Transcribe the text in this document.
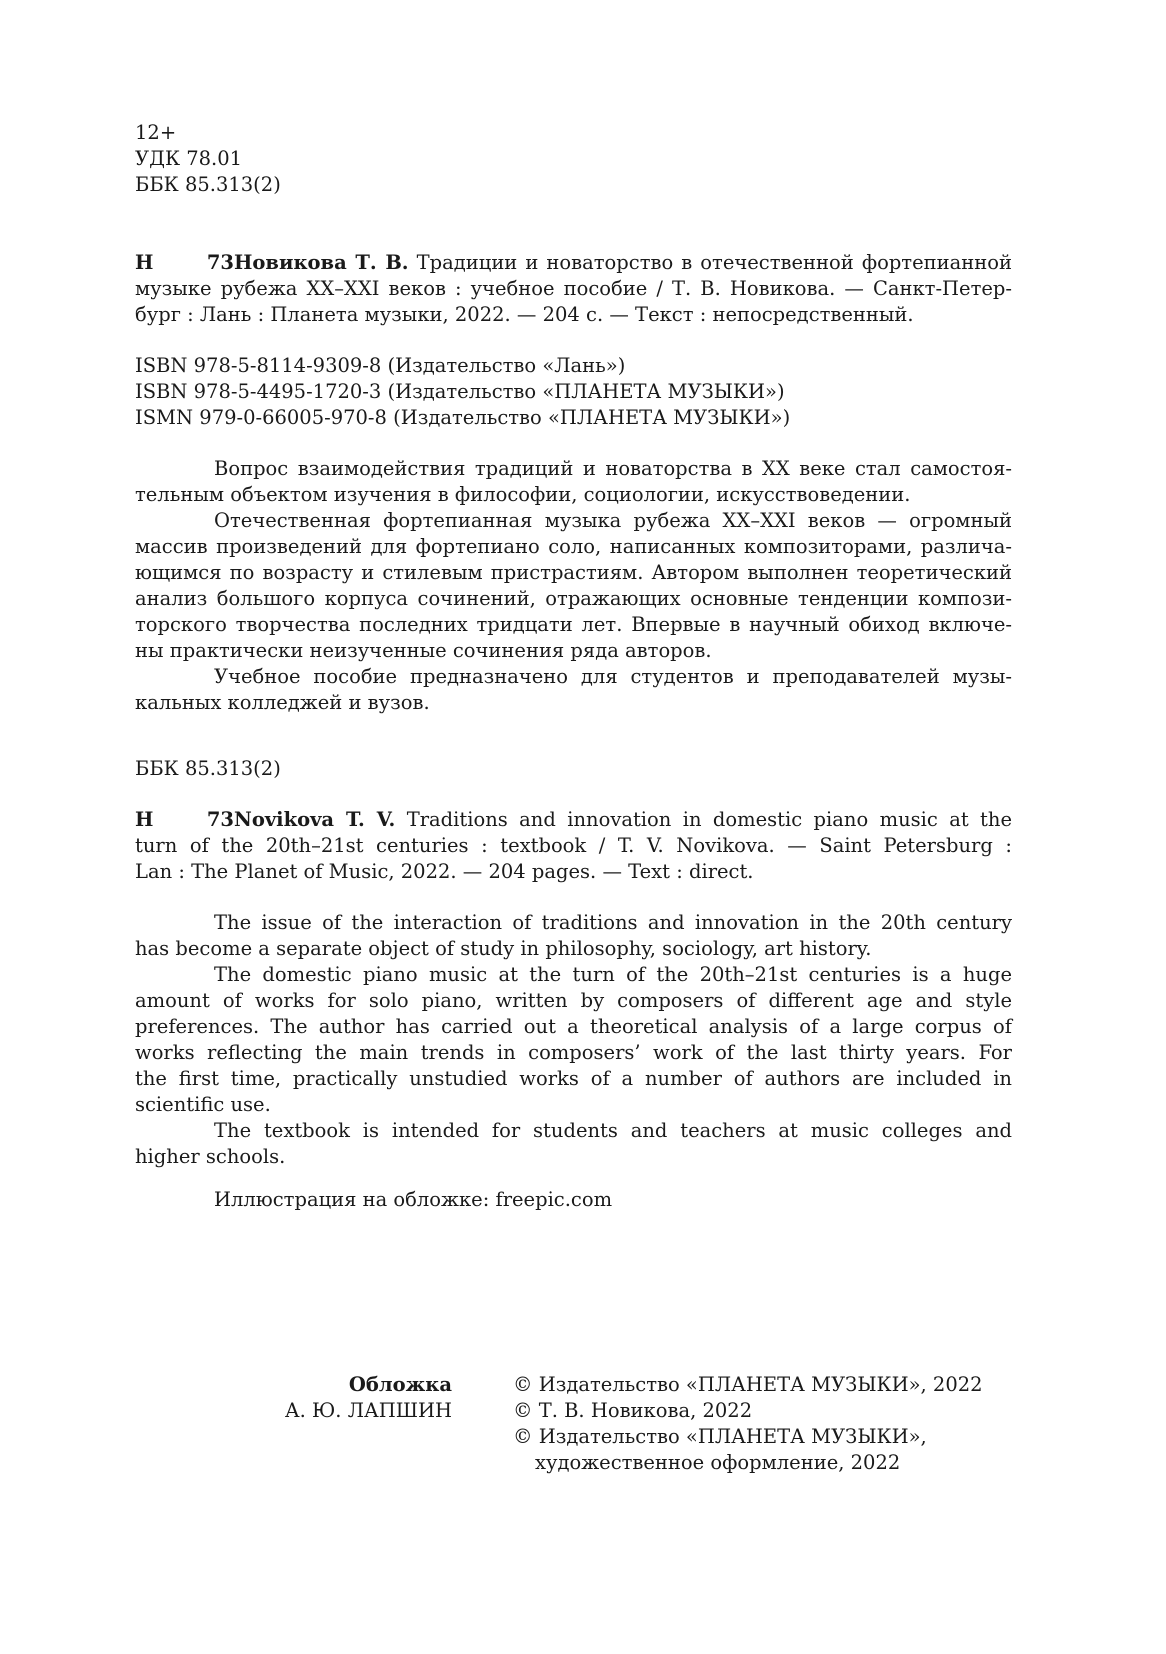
12+
УДК 78.01
ББК 85.313(2)
Н 73Новикова Т. В. Традиции и новаторство в отечественной фортепианной
музыке рубежа XX–XXI веков : учебное пособие / Т. В. Новикова. — Санкт-Петер-
бург : Лань : Планета музыки, 2022. — 204 с. — Текст : непосредственный.
ISBN 978-5-8114-9309-8 (Издательство «Лань»)
ISBN 978-5-4495-1720-3 (Издательство «ПЛАНЕТА МУЗЫКИ»)
ISMN 979-0-66005-970-8 (Издательство «ПЛАНЕТА МУЗЫКИ»)
Вопрос взаимодействия традиций и новаторства в XX веке стал самостоя-
тельным объектом изучения в философии, социологии, искусствоведении.
Отечественная фортепианная музыка рубежа XX–XXI веков — огромный
массив произведений для фортепиано соло, написанных композиторами, различа-
ющимся по возрасту и стилевым пристрастиям. Автором выполнен теоретический
анализ большого корпуса сочинений, отражающих основные тенденции компози-
торского творчества последних тридцати лет. Впервые в научный обиход включе-
ны практически неизученные сочинения ряда авторов.
Учебное пособие предназначено для студентов и преподавателей музы-
кальных колледжей и вузов.
ББК 85.313(2)
Н 73Novikova T. V. Traditions and innovation in domestic piano music at the
turn of the 20th–21st centuries : textbook / T. V. Novikova. — Saint Petersburg :
Lan : The Planet of Music, 2022. — 204 pages. — Text : direct.
The issue of the interaction of traditions and innovation in the 20th century
has become a separate object of study in philosophy, sociology, art history.
The domestic piano music at the turn of the 20th–21st centuries is a huge
amount of works for solo piano, written by composers of different age and style
preferences. The author has carried out a theoretical analysis of a large corpus of
works reflecting the main trends in composers’ work of the last thirty years. For
the first time, practically unstudied works of a number of authors are included in
scientific use.
The textbook is intended for students and teachers at music colleges and
higher schools.
Иллюстрация на обложке: freepic.com
Обложка
А. Ю. ЛАПШИН
© Издательство «ПЛАНЕТА МУЗЫКИ», 2022
© Т. В. Новикова, 2022
© Издательство «ПЛАНЕТА МУЗЫКИ»,
художественное оформление, 2022
